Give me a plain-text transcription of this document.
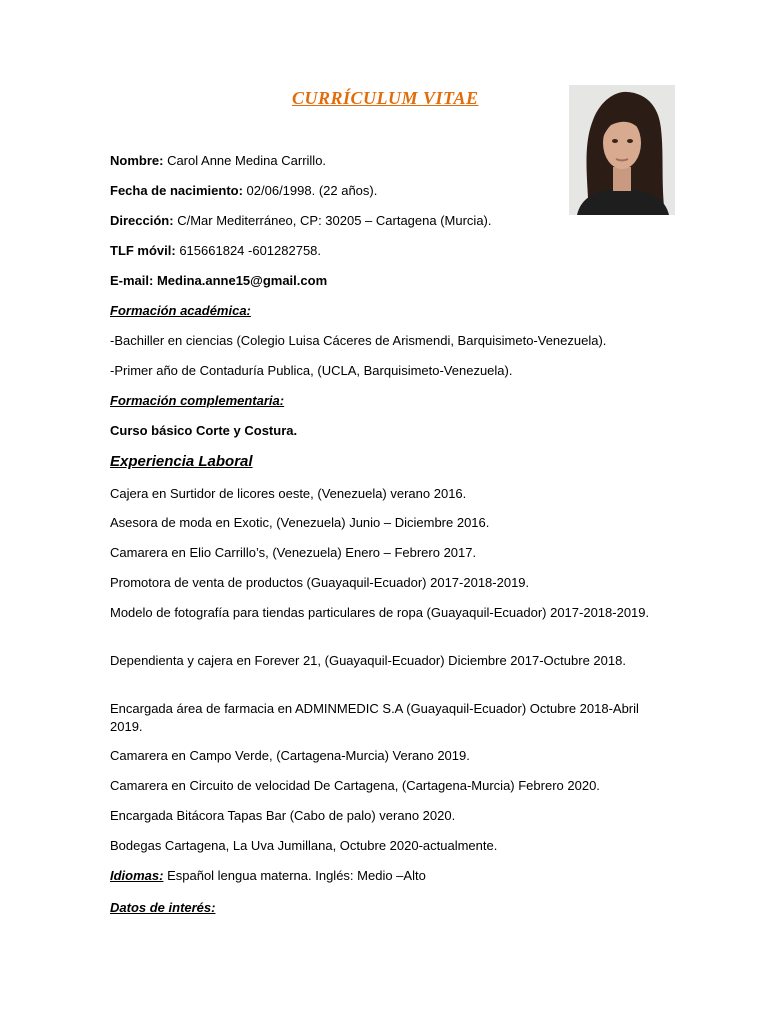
CURRÍCULUM VITAE
Nombre: Carol Anne Medina Carrillo.
Fecha de nacimiento: 02/06/1998. (22 años).
Dirección: C/Mar Mediterráneo, CP: 30205 – Cartagena (Murcia).
TLF móvil: 615661824 -601282758.
E-mail: Medina.anne15@gmail.com
Formación académica:
-Bachiller en ciencias (Colegio Luisa Cáceres de Arismendi, Barquisimeto-Venezuela).
-Primer año de Contaduría Publica, (UCLA, Barquisimeto-Venezuela).
Formación complementaria:
Curso básico Corte y Costura.
Experiencia Laboral
Cajera en Surtidor de licores oeste, (Venezuela) verano 2016.
Asesora de moda en Exotic, (Venezuela) Junio – Diciembre 2016.
Camarera en Elio Carrillo’s, (Venezuela) Enero – Febrero 2017.
Promotora de venta de productos (Guayaquil-Ecuador) 2017-2018-2019.
Modelo de fotografía para tiendas particulares de ropa (Guayaquil-Ecuador) 2017-2018-2019.
Dependienta y cajera en Forever 21, (Guayaquil-Ecuador) Diciembre 2017-Octubre 2018.
Encargada área de farmacia en ADMINMEDIC S.A (Guayaquil-Ecuador) Octubre 2018-Abril 2019.
Camarera en Campo Verde, (Cartagena-Murcia) Verano 2019.
Camarera en Circuito de velocidad De Cartagena, (Cartagena-Murcia) Febrero 2020.
Encargada Bitácora Tapas Bar (Cabo de palo) verano 2020.
Bodegas Cartagena, La Uva Jumillana, Octubre 2020-actualmente.
Idiomas: Español lengua materna. Inglés: Medio –Alto
Datos de interés:
